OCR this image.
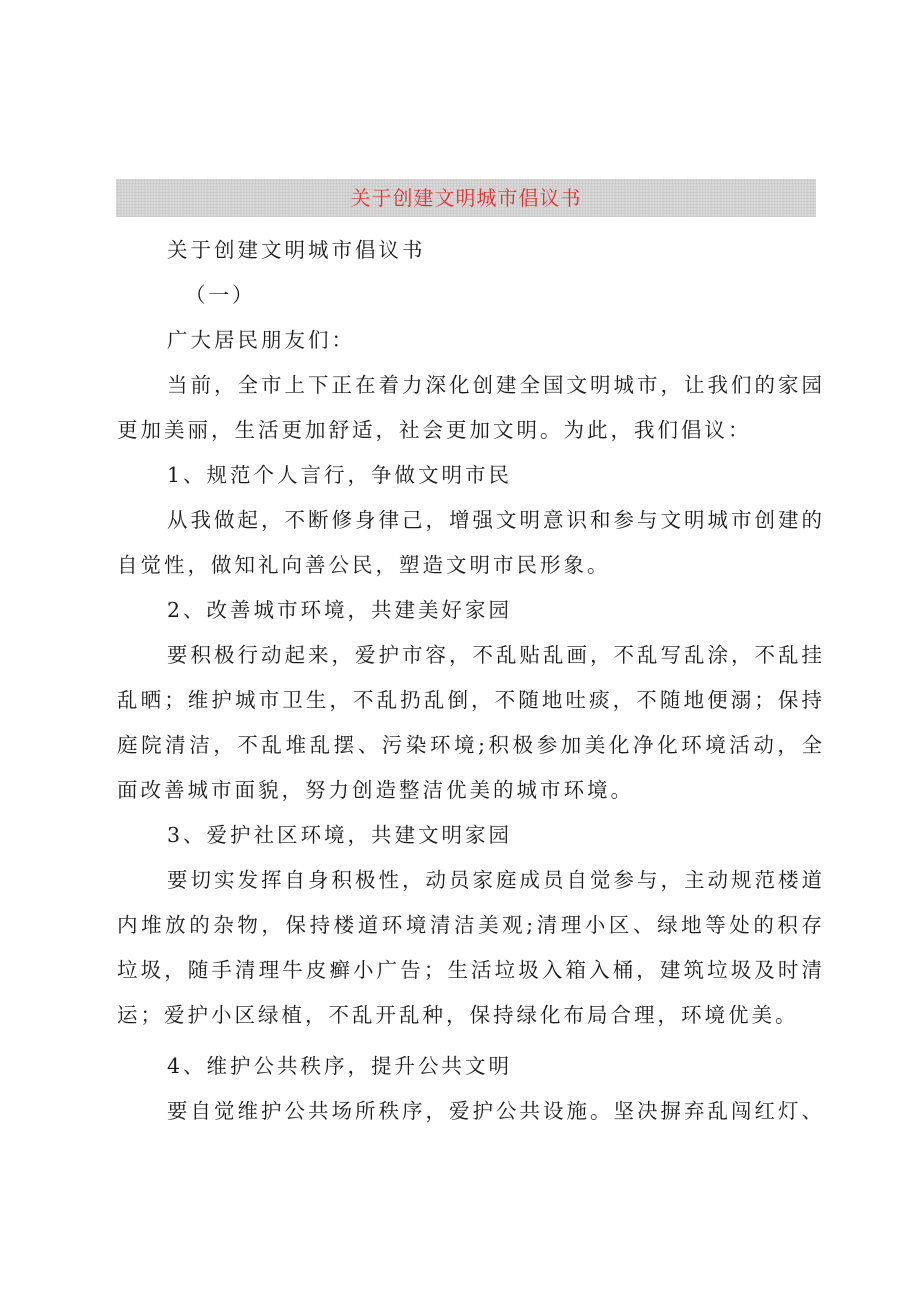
关于创建文明城市倡议书

关于创建文明城市倡议书

（一）

广大居民朋友们：

当前，全市上下正在着力深化创建全国文明城市，让我们的家园更加美丽，生活更加舒适，社会更加文明。为此，我们倡议：

1、规范个人言行，争做文明市民

从我做起，不断修身律己，增强文明意识和参与文明城市创建的自觉性，做知礼向善公民，塑造文明市民形象。

2、改善城市环境，共建美好家园

要积极行动起来，爱护市容，不乱贴乱画，不乱写乱涂，不乱挂乱晒；维护城市卫生，不乱扔乱倒，不随地吐痰，不随地便溺；保持庭院清洁，不乱堆乱摆、污染环境;积极参加美化净化环境活动，全面改善城市面貌，努力创造整洁优美的城市环境。

3、爱护社区环境，共建文明家园

要切实发挥自身积极性，动员家庭成员自觉参与，主动规范楼道内堆放的杂物，保持楼道环境清洁美观;清理小区、绿地等处的积存垃圾，随手清理牛皮癣小广告；生活垃圾入箱入桶，建筑垃圾及时清运；爱护小区绿植，不乱开乱种，保持绿化布局合理，环境优美。

4、维护公共秩序，提升公共文明

要自觉维护公共场所秩序，爱护公共设施。坚决摒弃乱闯红灯、
